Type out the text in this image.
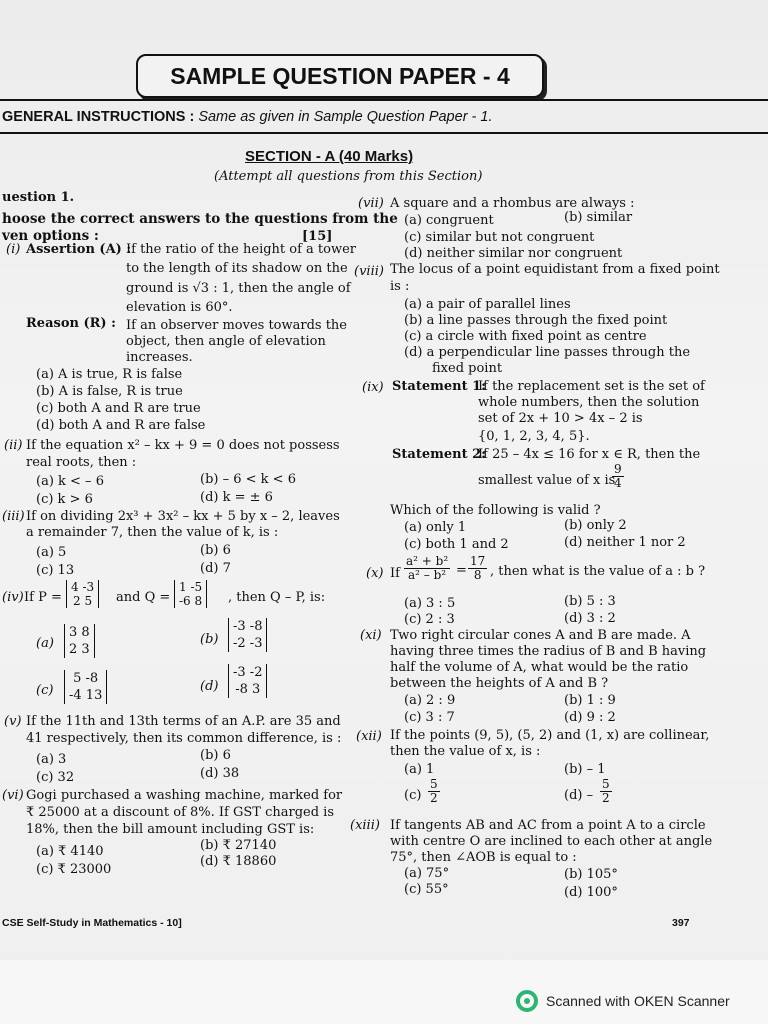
SAMPLE QUESTION PAPER - 4
GENERAL INSTRUCTIONS : Same as given in Sample Question Paper - 1.
SECTION - A (40 Marks)
(Attempt all questions from this Section)
uestion 1.
hoose the correct answers to the questions from the
ven options :	[15]
(i) Assertion (A) :
If the ratio of the height of a tower
to the length of its shadow on the
ground is √3 : 1, then the angle of
elevation is 60°.
Reason (R) : If an observer moves towards the
object, then angle of elevation
increases.
(a) A is true, R is false
(b) A is false, R is true
(c) both A and R are true
(d) both A and R are false
(ii) If the equation x² – kx + 9 = 0 does not possess
real roots, then :
(a) k < – 6	(b) – 6 < k < 6
(c) k > 6	(d) k = ± 6
(iii) If on dividing 2x³ + 3x² – kx + 5 by x – 2, leaves
a remainder 7, then the value of k, is :
(a) 5	(b) 6
(c) 13	(d) 7
(iv) If P =
4 -3
2 5 and Q =
1 -5
-6 8 , then Q – P, is:
(a)
3 8
2 3
(b)
-3 -8
-2 -3
(c)
5 -8
-4 13
(d)
-3 -2
-8 3
(v) If the 11th and 13th terms of an A.P. are 35 and
41 respectively, then its common difference, is :
(a) 3	(b) 6
(c) 32	(d) 38
(vi) Gogi purchased a washing machine, marked for
₹ 25000 at a discount of 8%. If GST charged is
18%, then the bill amount including GST is:
(a) ₹ 4140	(b) ₹ 27140
(c) ₹ 23000
(d) ₹ 18860
(vii) A square and a rhombus are always :
(a) congruent	(b) similar
(c) similar but not congruent
(d) neither similar nor congruent
(viii) The locus of a point equidistant from a fixed point
is :
(a) a pair of parallel lines
(b) a line passes through the fixed point
(c) a circle with fixed point as centre
(d) a perpendicular line passes through the
fixed point
(ix) Statement 1:
If the replacement set is the set of
whole numbers, then the solution
set of 2x + 10 > 4x – 2 is
{0, 1, 2, 3, 4, 5}.
Statement 2:
If 25 – 4x ≤ 16 for x ∈ R, then the
smallest value of x is
$\frac{9}{4}$
Which of the following is valid ?
(a) only 1	(b) only 2
(c) both 1 and 2	(d) neither 1 nor 2
(x) If $\frac{\text{a² + b²}}{\text{a² – b²}} = \frac{17}{8}$ , then what is the value of a : b ?
(a) 3 : 5	(b) 5 : 3
(c) 2 : 3	(d) 3 : 2
(xi) Two right circular cones A and B are made. A
having three times the radius of B and B having
half the volume of A, what would be the ratio
between the heights of A and B ?
(a) 2 : 9	(b) 1 : 9
(c) 3 : 7	(d) 9 : 2
(xii) If the points (9, 5), (5, 2) and (1, x) are collinear,
then the value of x, is :
(a) 1	(b) – 1
$(c) \frac{5}{2}$	$(d) - \frac{5}{2}$
(xiii) If tangents AB and AC from a point A to a circle
with centre O are inclined to each other at angle
75°, then ∠AOB is equal to :
(a) 75°	(b) 105°
(c) 55°	(d) 100°
CSE Self-Study in Mathematics - 10]	397
Scanned with OKEN Scanner
